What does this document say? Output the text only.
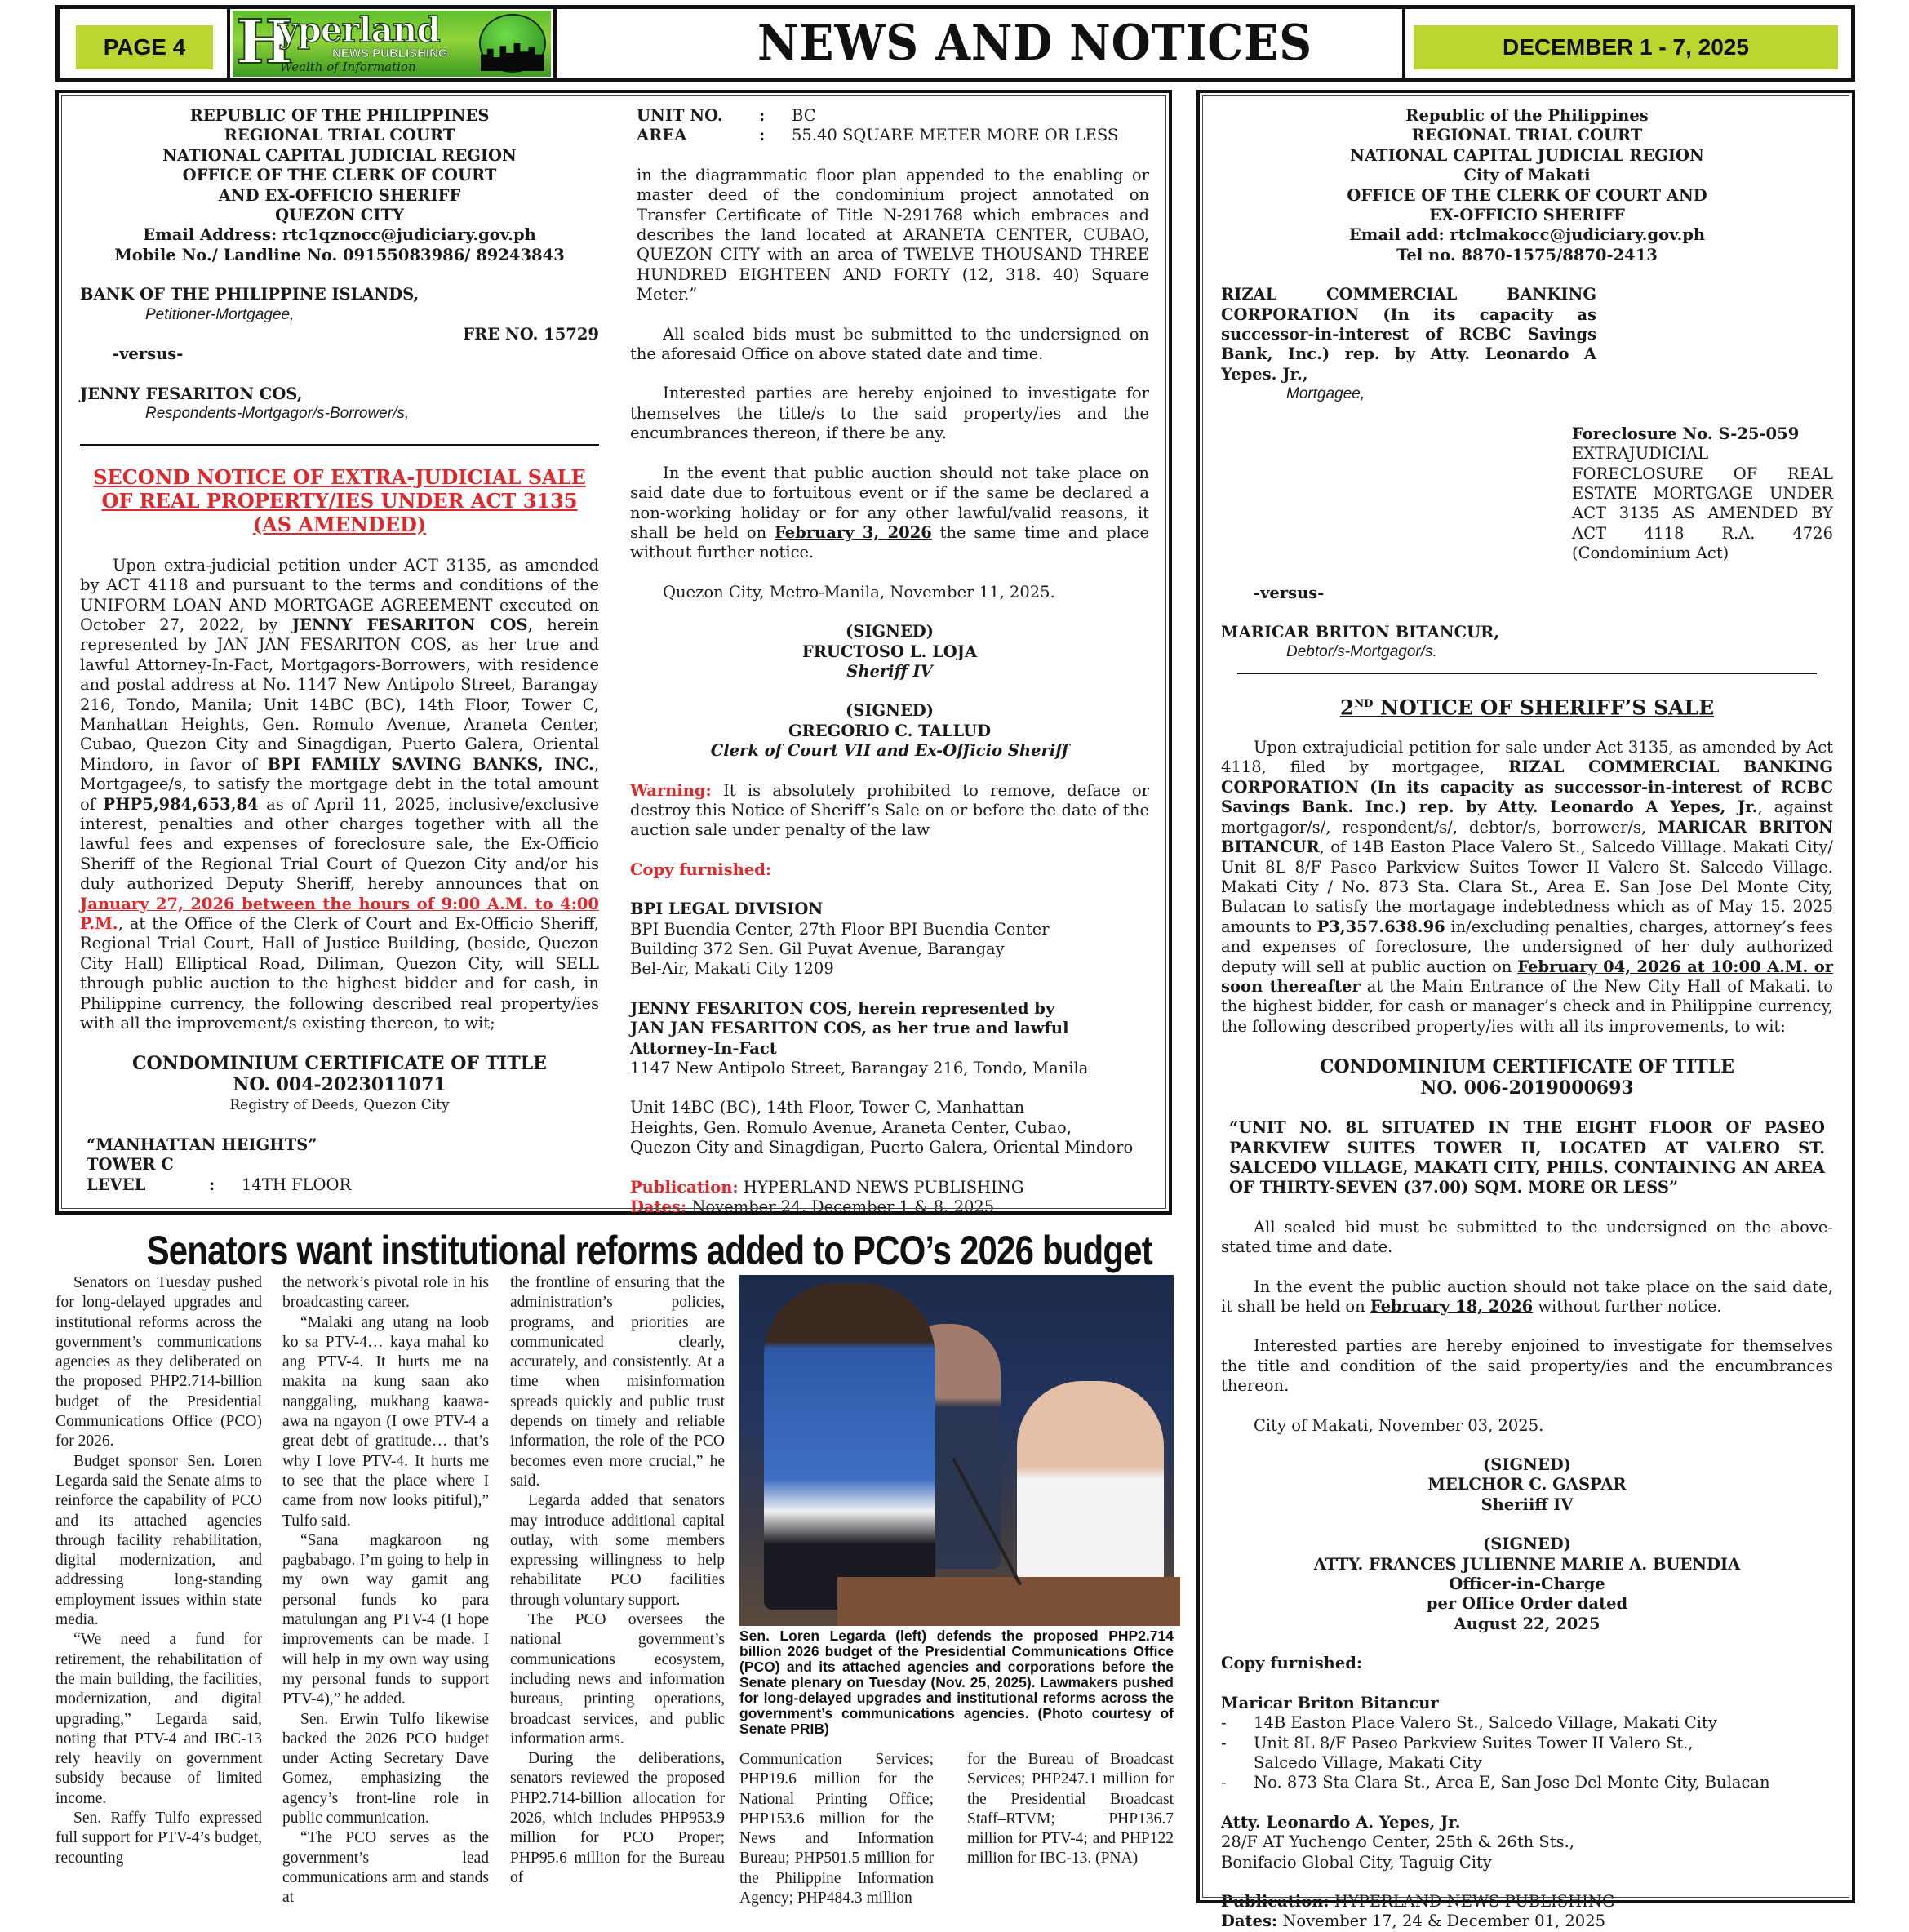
PAGE 4 H
yperland
NEWS PUBLISHING
Wealth of Information	NEWS AND NOTICES	DECEMBER 1 - 7, 2025
REPUBLIC OF THE PHILIPPINES
REGIONAL TRIAL COURT
NATIONAL CAPITAL JUDICIAL REGION
OFFICE OF THE CLERK OF COURT
AND EX-OFFICIO SHERIFF
QUEZON CITY
Email Address: rtc1qznocc@judiciary.gov.ph
Mobile No./ Landline No. 09155083986/ 89243843
BANK OF THE PHILIPPINE ISLANDS,
Petitioner-Mortgagee,
FRE NO. 15729
-versus-
JENNY FESARITON COS,
Respondents-Mortgagor/s-Borrower/s,
SECOND NOTICE OF EXTRA-JUDICIAL SALE
OF REAL PROPERTY/IES UNDER ACT 3135
(AS AMENDED)

Upon extra-judicial petition under ACT 3135, as amended by ACT 4118 and pursuant to the terms and conditions of the UNIFORM LOAN AND MORTGAGE AGREEMENT executed on October 27, 2022, by JENNY FESARITON COS, herein represented by JAN JAN FESARITON COS, as her true and lawful Attorney-In-Fact, Mortgagors-Borrowers, with residence and postal address at No. 1147 New Antipolo Street, Barangay 216, Tondo, Manila; Unit 14BC (BC), 14th Floor, Tower C, Manhattan Heights, Gen. Romulo Avenue, Araneta Center, Cubao, Quezon City and Sinagdigan, Puerto Galera, Oriental Mindoro, in favor of BPI FAMILY SAVING BANKS, INC., Mortgagee/s, to satisfy the mortgage debt in the total amount of PHP5,984,653,84 as of April 11, 2025, inclusive/exclusive interest, penalties and other charges together with all the lawful fees and expenses of foreclosure sale, the Ex-Officio Sheriff of the Regional Trial Court of Quezon City and/or his duly authorized Deputy Sheriff, hereby announces that on January 27, 2026 between the hours of 9:00 A.M. to 4:00 P.M., at the Office of the Clerk of Court and Ex-Officio Sheriff, Regional Trial Court, Hall of Justice Building, (beside, Quezon City Hall) Elliptical Road, Diliman, Quezon City, will SELL through public auction to the highest bidder and for cash, in Philippine currency, the following described real property/ies with all the improvement/s existing thereon, to wit;

CONDOMINIUM CERTIFICATE OF TITLE
NO. 004-2023011071
Registry of Deeds, Quezon City
“MANHATTAN HEIGHTS”
TOWER C
LEVEL	:	14TH FLOOR
UNIT NO.	:	BC
AREA	:	55.40 SQUARE METER MORE OR LESS

in the diagrammatic floor plan appended to the enabling or master deed of the condominium project annotated on Transfer Certificate of Title N-291768 which embraces and describes the land located at ARANETA CENTER, CUBAO, QUEZON CITY with an area of TWELVE THOUSAND THREE HUNDRED EIGHTEEN AND FORTY (12, 318. 40) Square Meter.”

All sealed bids must be submitted to the undersigned on the aforesaid Office on above stated date and time.

Interested parties are hereby enjoined to investigate for themselves the title/s to the said property/ies and the encumbrances thereon, if there be any.

In the event that public auction should not take place on said date due to fortuitous event or if the same be declared a non-working holiday or for any other lawful/valid reasons, it shall be held on February 3, 2026 the same time and place without further notice.

Quezon City, Metro-Manila, November 11, 2025.

(SIGNED)
FRUCTOSO L. LOJA
Sheriff IV
(SIGNED)
GREGORIO C. TALLUD
Clerk of Court VII and Ex-Officio Sheriff

Warning: It is absolutely prohibited to remove, deface or destroy this Notice of Sheriff’s Sale on or before the date of the auction sale under penalty of the law

Copy furnished:
BPI LEGAL DIVISION
BPI Buendia Center, 27th Floor BPI Buendia Center
Building 372 Sen. Gil Puyat Avenue, Barangay
Bel-Air, Makati City 1209
JENNY FESARITON COS, herein represented by JAN JAN FESARITON COS, as her true and lawful Attorney-In-Fact
1147 New Antipolo Street, Barangay 216, Tondo, Manila
Unit 14BC (BC), 14th Floor, Tower C, Manhattan
Heights, Gen. Romulo Avenue, Araneta Center, Cubao,
Quezon City and Sinagdigan, Puerto Galera, Oriental Mindoro
Publication: HYPERLAND NEWS PUBLISHING
Dates: November 24, December 1 & 8, 2025
Republic of the Philippines
REGIONAL TRIAL COURT
NATIONAL CAPITAL JUDICIAL REGION
City of Makati
OFFICE OF THE CLERK OF COURT AND
EX-OFFICIO SHERIFF
Email add: rtclmakocc@judiciary.gov.ph
Tel no. 8870-1575/8870-2413
RIZAL COMMERCIAL BANKING CORPORATION (In its capacity as successor-in-interest of RCBC Savings Bank, Inc.) rep. by Atty. Leonardo A Yepes. Jr.,
Mortgagee,
Foreclosure No. S-25-059
EXTRAJUDICIAL FORECLOSURE OF REAL ESTATE MORTGAGE UNDER ACT 3135 AS AMENDED BY ACT 4118 R.A. 4726 (Condominium Act)
-versus-
MARICAR BRITON BITANCUR,
Debtor/s-Mortgagor/s.
2ND NOTICE OF SHERIFF’S SALE

Upon extrajudicial petition for sale under Act 3135, as amended by Act 4118, filed by mortgagee, RIZAL COMMERCIAL BANKING CORPORATION (In its capacity as successor-in-interest of RCBC Savings Bank. Inc.) rep. by Atty. Leonardo A Yepes, Jr., against mortgagor/s/, respondent/s/, debtor/s, borrower/s, MARICAR BRITON BITANCUR, of 14B Easton Place Valero St., Salcedo Villlage. Makati City/ Unit 8L 8/F Paseo Parkview Suites Tower II Valero St. Salcedo Village. Makati City / No. 873 Sta. Clara St., Area E. San Jose Del Monte City, Bulacan to satisfy the mortagage indebtedness which as of May 15. 2025 amounts to P3,357.638.96 in/excluding penalties, charges, attorney’s fees and expenses of foreclosure, the undersigned of her duly authorized deputy will sell at public auction on February 04, 2026 at 10:00 A.M. or soon thereafter at the Main Entrance of the New City Hall of Makati. to the highest bidder, for cash or manager’s check and in Philippine currency, the following described property/ies with all its improvements, to wit:

CONDOMINIUM CERTIFICATE OF TITLE
NO. 006-2019000693

“UNIT NO. 8L SITUATED IN THE EIGHT FLOOR OF PASEO PARKVIEW SUITES TOWER II, LOCATED AT VALERO ST. SALCEDO VILLAGE, MAKATI CITY, PHILS. CONTAINING AN AREA OF THIRTY-SEVEN (37.00) SQM. MORE OR LESS”

All sealed bid must be submitted to the undersigned on the above-stated time and date.

In the event the public auction should not take place on the said date, it shall be held on February 18, 2026 without further notice.

Interested parties are hereby enjoined to investigate for themselves the title and condition of the said property/ies and the encumbrances thereon.

City of Makati, November 03, 2025.

(SIGNED)
MELCHOR C. GASPAR
Sheriiff IV
(SIGNED)
ATTY. FRANCES JULIENNE MARIE A. BUENDIA
Officer-in-Charge
per Office Order dated
August 22, 2025
Copy furnished:
Maricar Briton Bitancur
-	14B Easton Place Valero St., Salcedo Village, Makati City
-	Unit 8L 8/F Paseo Parkview Suites Tower II Valero St., Salcedo Village, Makati City
-	No. 873 Sta Clara St., Area E, San Jose Del Monte City, Bulacan
Atty. Leonardo A. Yepes, Jr.
28/F AT Yuchengo Center, 25th & 26th Sts.,
Bonifacio Global City, Taguig City
Publication: HYPERLAND NEWS PUBLISHING
Dates: November 17, 24 & December 01, 2025
Senators want institutional reforms added to PCO’s 2026 budget

Senators on Tuesday pushed for long-delayed upgrades and institutional reforms across the government’s communications agencies as they deliberated on the proposed PHP2.714-billion budget of the Presidential Communications Office (PCO) for 2026.

Budget sponsor Sen. Loren Legarda said the Senate aims to reinforce the capability of PCO and its attached agencies through facility rehabilitation, digital modernization, and addressing long-standing employment issues within state media.

“We need a fund for retirement, the rehabilitation of the main building, the facilities, modernization, and digital upgrading,” Legarda said, noting that PTV-4 and IBC-13 rely heavily on government subsidy because of limited income.

Sen. Raffy Tulfo expressed full support for PTV-4’s budget, recounting

the network’s pivotal role in his broadcasting career.

“Malaki ang utang na loob ko sa PTV-4… kaya mahal ko ang PTV-4. It hurts me na makita na kung saan ako nanggaling, mukhang kaawa-awa na ngayon (I owe PTV-4 a great debt of gratitude… that’s why I love PTV-4. It hurts me to see that the place where I came from now looks pitiful),” Tulfo said.

“Sana magkaroon ng pagbabago. I’m going to help in my own way gamit ang personal funds ko para matulungan ang PTV-4 (I hope improvements can be made. I will help in my own way using my personal funds to support PTV-4),” he added.

Sen. Erwin Tulfo likewise backed the 2026 PCO budget under Acting Secretary Dave Gomez, emphasizing the agency’s front-line role in public communication.

“The PCO serves as the government’s lead communications arm and stands at

the frontline of ensuring that the administration’s policies, programs, and priorities are communicated clearly, accurately, and consistently. At a time when misinformation spreads quickly and public trust depends on timely and reliable information, the role of the PCO becomes even more crucial,” he said.

Legarda added that senators may introduce additional capital outlay, with some members expressing willingness to help rehabilitate PCO facilities through voluntary support.

The PCO oversees the national government’s communications ecosystem, including news and information bureaus, printing operations, broadcast services, and public information arms.

During the deliberations, senators reviewed the proposed PHP2.714-billion allocation for 2026, which includes PHP953.9 million for PCO Proper; PHP95.6 million for the Bureau of

Sen. Loren Legarda (left) defends the proposed PHP2.714 billion 2026 budget of the Presidential Communications Office (PCO) and its attached agencies and corporations before the Senate plenary on Tuesday (Nov. 25, 2025). Lawmakers pushed for long-delayed upgrades and institutional reforms across the government’s communications agencies. (Photo courtesy of Senate PRIB)

Communication Services; PHP19.6 million for the National Printing Office; PHP153.6 million for the News and Information Bureau; PHP501.5 million for the Philippine Information Agency; PHP484.3 million

for the Bureau of Broadcast Services; PHP247.1 million for the Presidential Broadcast Staff–RTVM; PHP136.7 million for PTV-4; and PHP122 million for IBC-13. (PNA)
